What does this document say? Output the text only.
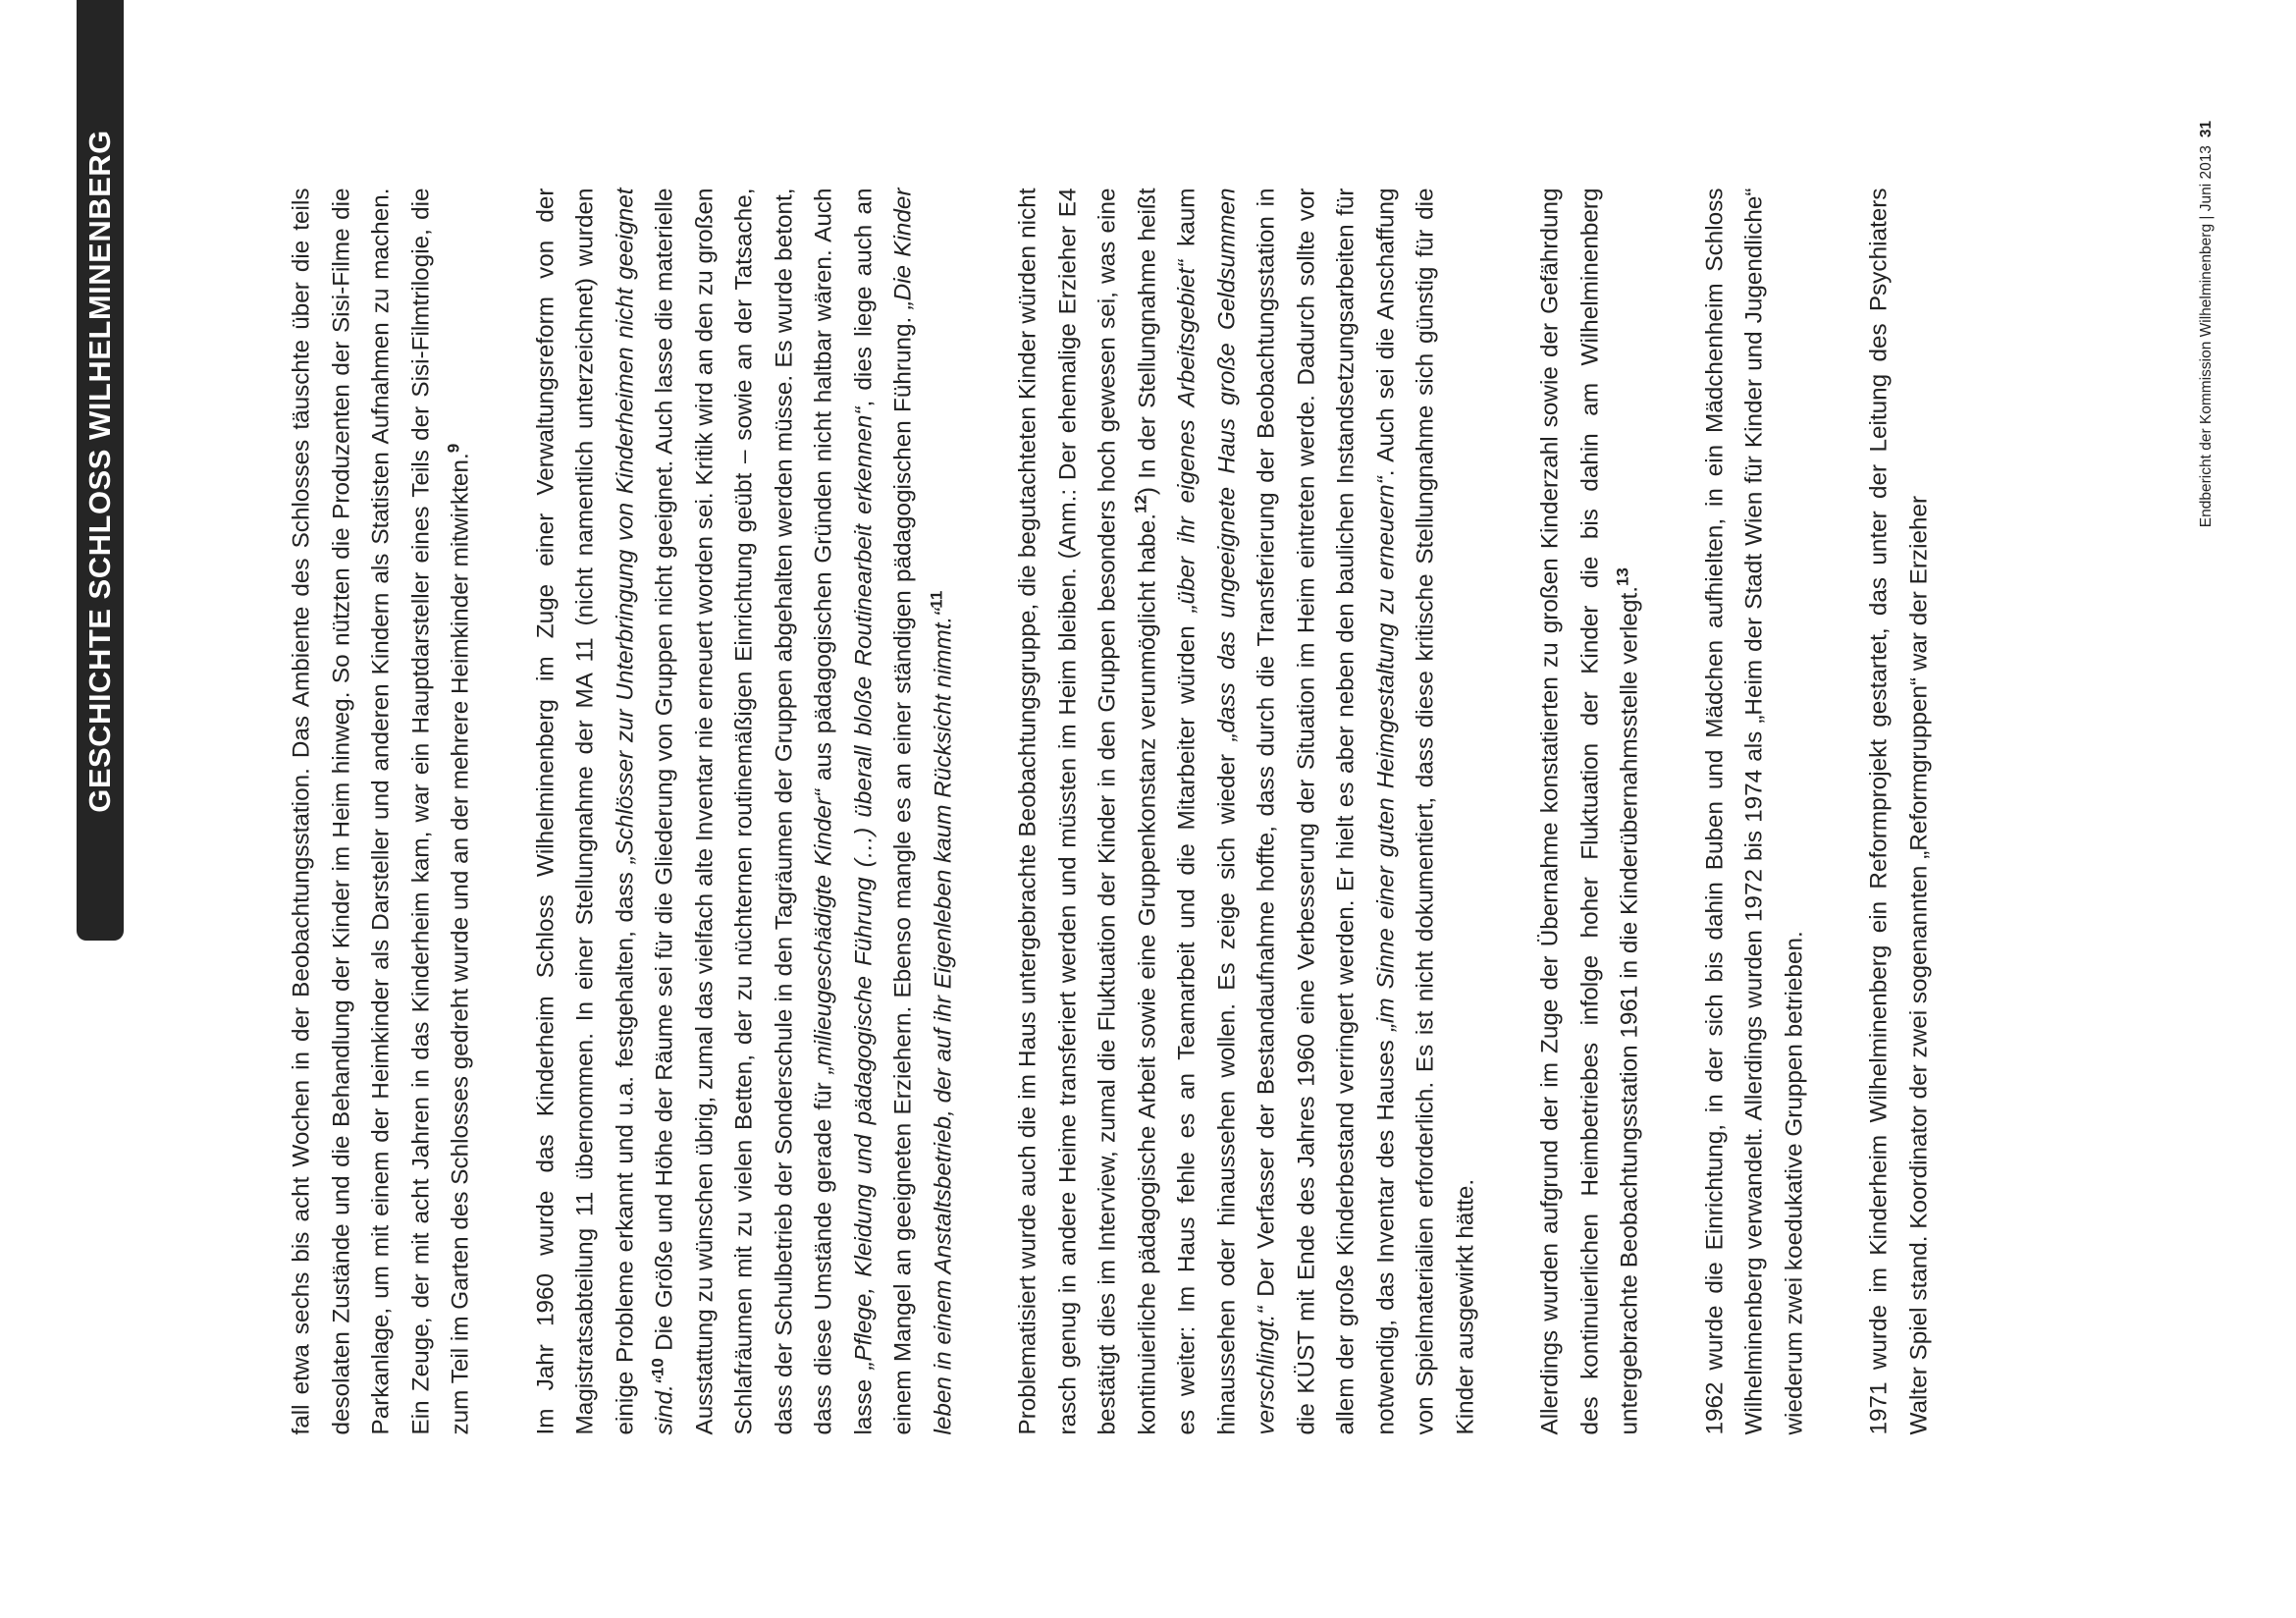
GESCHICHTE SCHLOSS WILHELMINENBERG	fall etwa sechs bis acht Wochen in der Beobachtungsstation. Das Ambiente des Schlosses täuschte über die teils desolaten Zustände und die Behandlung der Kinder im Heim hinweg. So nützten die Produzenten der Sisi-Filme die Parkanlage, um mit einem der Heimkinder als Darsteller und anderen Kindern als Statisten Aufnahmen zu machen. Ein Zeuge, der mit acht Jahren in das Kinderheim kam, war ein Hauptdarsteller eines Teils der Sisi-Filmtrilogie, die zum Teil im Garten des Schlosses gedreht wurde und an der mehrere Heimkinder mitwirkten.$^9$	Im Jahr 1960 wurde das Kinderheim Schloss Wilhelminenberg im Zuge einer Verwaltungsreform von der Magistratsabteilung 11 übernommen. In einer Stellungnahme der MA 11 (nicht namentlich unterzeichnet) wurden einige Probleme erkannt und u.a. festgehalten, dass „Schlösser zur Unterbringung von Kinderheimen nicht geeignet sind.“$^{10}$ Die Größe und Höhe der Räume sei für die Gliederung von Gruppen nicht geeignet. Auch lasse die materielle Ausstattung zu wünschen übrig, zumal das vielfach alte Inventar nie erneuert worden sei. Kritik wird an den zu großen Schlafräumen mit zu vielen Betten, der zu nüchternen routinemäßigen Einrichtung geübt – sowie an der Tatsache, dass der Schulbetrieb der Sonderschule in den Tagräumen der Gruppen abgehalten werden müsse. Es wurde betont, dass diese Umstände gerade für „milieugeschädigte Kinder“ aus pädagogischen Gründen nicht haltbar wären. Auch lasse „Pflege, Kleidung und pädagogische Führung (…) überall bloße Routinearbeit erkennen“, dies liege auch an einem Mangel an geeigneten Erziehern. Ebenso mangle es an einer ständigen pädagogischen Führung. „Die Kinder leben in einem Anstaltsbetrieb, der auf ihr Eigenleben kaum Rücksicht nimmt.“$^{11}$	Problematisiert wurde auch die im Haus untergebrachte Beobachtungsgruppe, die begutachteten Kinder würden nicht rasch genug in andere Heime transferiert werden und müssten im Heim bleiben. (Anm.: Der ehemalige Erzieher E4 bestätigt dies im Interview, zumal die Fluktuation der Kinder in den Gruppen besonders hoch gewesen sei, was eine kontinuierliche pädagogische Arbeit sowie eine Gruppenkonstanz verunmöglicht habe.$^{12}$) In der Stellungnahme heißt es weiter: Im Haus fehle es an Teamarbeit und die Mitarbeiter würden „über ihr eigenes Arbeitsgebiet“ kaum hinaussehen oder hinaussehen wollen. Es zeige sich wieder „dass das ungeeignete Haus große Geldsummen verschlingt.“ Der Verfasser der Bestandaufnahme hoffte, dass durch die Transferierung der Beobachtungsstation in die KÜST mit Ende des Jahres 1960 eine Verbesserung der Situation im Heim eintreten werde. Dadurch sollte vor allem der große Kinderbestand verringert werden. Er hielt es aber neben den baulichen Instandsetzungsarbeiten für notwendig, das Inventar des Hauses „im Sinne einer guten Heimgestaltung zu erneuern“. Auch sei die Anschaffung von Spielmaterialien erforderlich. Es ist nicht dokumentiert, dass diese kritische Stellungnahme sich günstig für die Kinder ausgewirkt hätte.	Allerdings wurden aufgrund der im Zuge der Übernahme konstatierten zu großen Kinderzahl sowie der Gefährdung des kontinuierlichen Heimbetriebes infolge hoher Fluktuation der Kinder die bis dahin am Wilhelminenberg untergebrachte Beobachtungsstation 1961 in die Kinderübernahmsstelle verlegt.$^{13}$	1962 wurde die Einrichtung, in der sich bis dahin Buben und Mädchen aufhielten, in ein Mädchenheim Schloss Wilhelminenberg verwandelt. Allerdings wurden 1972 bis 1974 als „Heim der Stadt Wien für Kinder und Jugendliche“ wiederum zwei koedukative Gruppen betrieben.	1971 wurde im Kinderheim Wilhelminenberg ein Reformprojekt gestartet, das unter der Leitung des Psychiaters Walter Spiel stand. Koordinator der zwei sogenannten „Reformgruppen“ war der Erzieher

Endbericht der Kommission Wilhelminenberg | Juni 201331
